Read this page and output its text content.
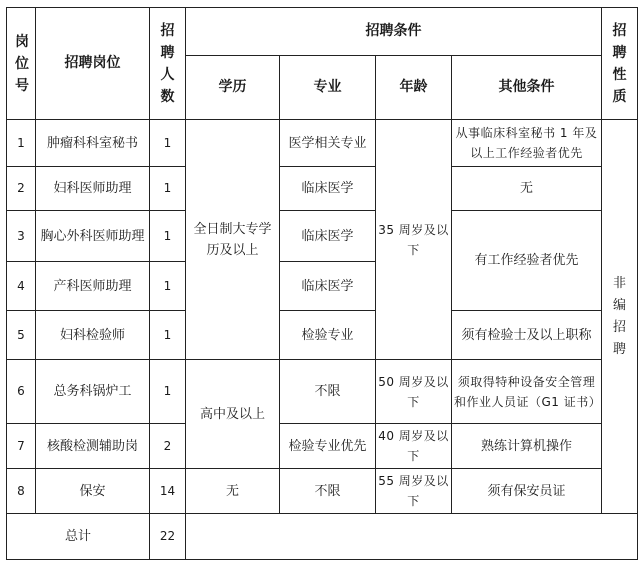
岗位号	招聘岗位	招聘人数	招聘条件				招聘性质
			学历	专业	年龄	其他条件	
1	肿瘤科科室秘书	1	全日制大专学历及以上	医学相关专业	35 周岁及以下	从事临床科室秘书 1 年及以上工作经验者优先	非编招聘
2	妇科医师助理	1		临床医学		无	
3	胸心外科医师助理	1		临床医学		有工作经验者优先	
4	产科医师助理	1		临床医学			
5	妇科检验师	1		检验专业		须有检验士及以上职称	
6	总务科锅炉工	1	高中及以上	不限	50 周岁及以下	须取得特种设备安全管理和作业人员证（G1 证书）	
7	核酸检测辅助岗	2		检验专业优先	40 周岁及以下	熟练计算机操作	
8	保安	14	无	不限	55 周岁及以下	须有保安员证	
总计		22					
